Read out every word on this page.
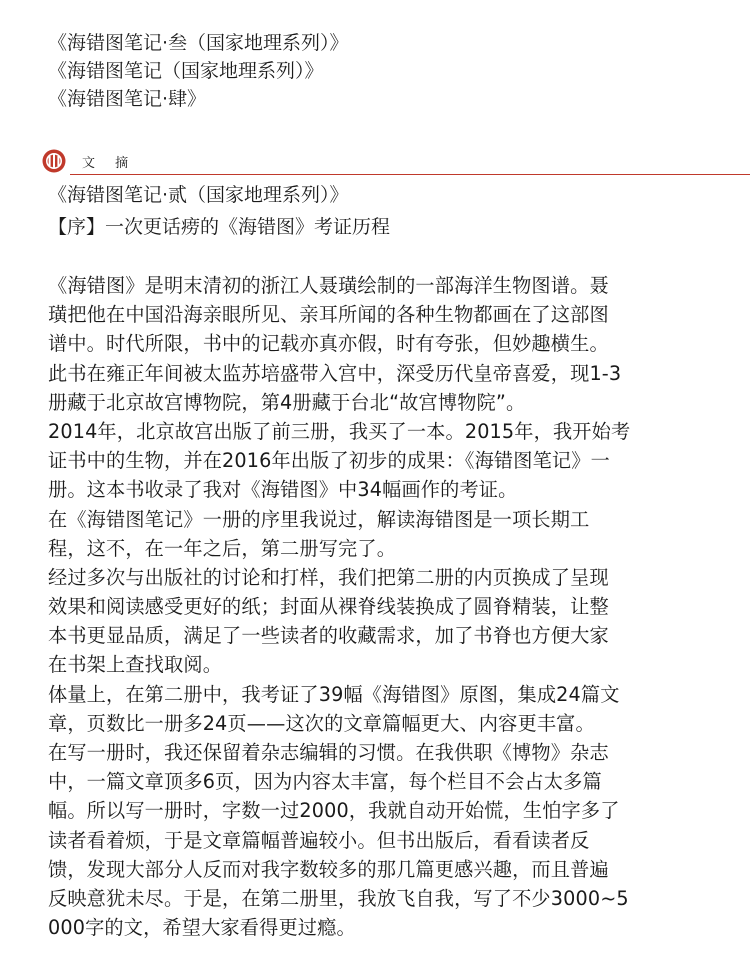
《海错图笔记·叁（国家地理系列）》
《海错图笔记（国家地理系列）》
《海错图笔记·肆》
文 摘
《海错图笔记·贰（国家地理系列）》
【序】一次更话痨的《海错图》考证历程
《海错图》是明末清初的浙江人聂璜绘制的一部海洋生物图谱。聂
璜把他在中国沿海亲眼所见、亲耳所闻的各种生物都画在了这部图
谱中。时代所限，书中的记载亦真亦假，时有夸张，但妙趣横生。
此书在雍正年间被太监苏培盛带入宫中，深受历代皇帝喜爱，现1-3
册藏于北京故宫博物院，第4册藏于台北“故宫博物院”。
2014年，北京故宫出版了前三册，我买了一本。2015年，我开始考
证书中的生物，并在2016年出版了初步的成果：《海错图笔记》一
册。这本书收录了我对《海错图》中34幅画作的考证。
在《海错图笔记》一册的序里我说过，解读海错图是一项长期工
程，这不，在一年之后，第二册写完了。
经过多次与出版社的讨论和打样，我们把第二册的内页换成了呈现
效果和阅读感受更好的纸；封面从裸脊线装换成了圆脊精装，让整
本书更显品质，满足了一些读者的收藏需求，加了书脊也方便大家
在书架上查找取阅。
体量上，在第二册中，我考证了39幅《海错图》原图，集成24篇文
章，页数比一册多24页——这次的文章篇幅更大、内容更丰富。
在写一册时，我还保留着杂志编辑的习惯。在我供职《博物》杂志
中，一篇文章顶多6页，因为内容太丰富，每个栏目不会占太多篇
幅。所以写一册时，字数一过2000，我就自动开始慌，生怕字多了
读者看着烦，于是文章篇幅普遍较小。但书出版后，看看读者反
馈，发现大部分人反而对我字数较多的那几篇更感兴趣，而且普遍
反映意犹未尽。于是，在第二册里，我放飞自我，写了不少3000~5
000字的文，希望大家看得更过瘾。
